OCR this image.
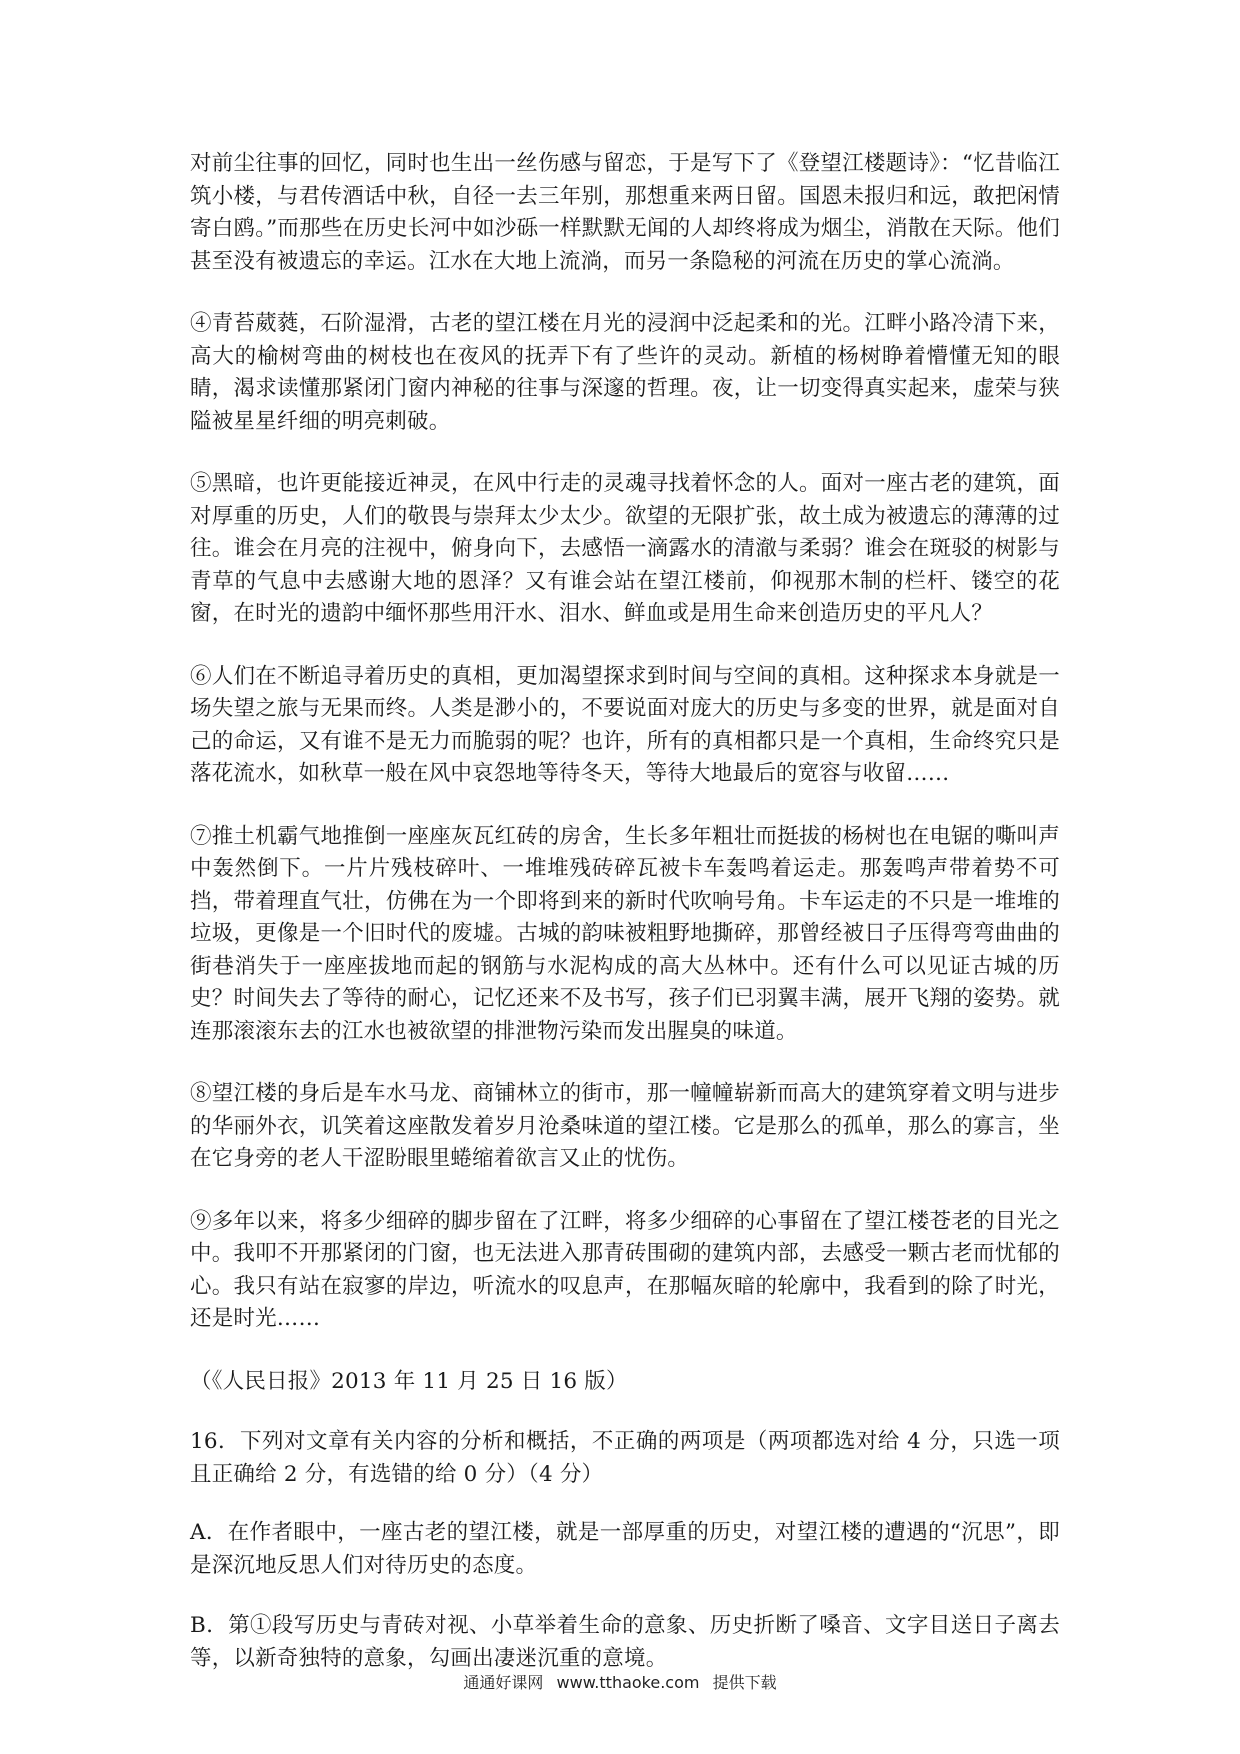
对前尘往事的回忆，同时也生出一丝伤感与留恋，于是写下了《登望江楼题诗》：“忆昔临江筑小楼，与君传酒话中秋，自径一去三年别，那想重来两日留。国恩未报归和远，敢把闲情寄白鸥。”而那些在历史长河中如沙砾一样默默无闻的人却终将成为烟尘，消散在天际。他们甚至没有被遗忘的幸运。江水在大地上流淌，而另一条隐秘的河流在历史的掌心流淌。

④青苔葳蕤，石阶湿滑，古老的望江楼在月光的浸润中泛起柔和的光。江畔小路冷清下来，高大的榆树弯曲的树枝也在夜风的抚弄下有了些许的灵动。新植的杨树睁着懵懂无知的眼睛，渴求读懂那紧闭门窗内神秘的往事与深邃的哲理。夜，让一切变得真实起来，虚荣与狭隘被星星纤细的明亮刺破。

⑤黑暗，也许更能接近神灵，在风中行走的灵魂寻找着怀念的人。面对一座古老的建筑，面对厚重的历史，人们的敬畏与崇拜太少太少。欲望的无限扩张，故土成为被遗忘的薄薄的过往。谁会在月亮的注视中，俯身向下，去感悟一滴露水的清澈与柔弱？谁会在斑驳的树影与青草的气息中去感谢大地的恩泽？又有谁会站在望江楼前，仰视那木制的栏杆、镂空的花窗，在时光的遗韵中缅怀那些用汗水、泪水、鲜血或是用生命来创造历史的平凡人？

⑥人们在不断追寻着历史的真相，更加渴望探求到时间与空间的真相。这种探求本身就是一场失望之旅与无果而终。人类是渺小的，不要说面对庞大的历史与多变的世界，就是面对自己的命运，又有谁不是无力而脆弱的呢？也许，所有的真相都只是一个真相，生命终究只是落花流水，如秋草一般在风中哀怨地等待冬天，等待大地最后的宽容与收留……

⑦推土机霸气地推倒一座座灰瓦红砖的房舍，生长多年粗壮而挺拔的杨树也在电锯的嘶叫声中轰然倒下。一片片残枝碎叶、一堆堆残砖碎瓦被卡车轰鸣着运走。那轰鸣声带着势不可挡，带着理直气壮，仿佛在为一个即将到来的新时代吹响号角。卡车运走的不只是一堆堆的垃圾，更像是一个旧时代的废墟。古城的韵味被粗野地撕碎，那曾经被日子压得弯弯曲曲的街巷消失于一座座拔地而起的钢筋与水泥构成的高大丛林中。还有什么可以见证古城的历史？时间失去了等待的耐心，记忆还来不及书写，孩子们已羽翼丰满，展开飞翔的姿势。就连那滚滚东去的江水也被欲望的排泄物污染而发出腥臭的味道。

⑧望江楼的身后是车水马龙、商铺林立的街市，那一幢幢崭新而高大的建筑穿着文明与进步的华丽外衣，讥笑着这座散发着岁月沧桑味道的望江楼。它是那么的孤单，那么的寡言，坐在它身旁的老人干涩盼眼里蜷缩着欲言又止的忧伤。

⑨多年以来，将多少细碎的脚步留在了江畔，将多少细碎的心事留在了望江楼苍老的目光之中。我叩不开那紧闭的门窗，也无法进入那青砖围砌的建筑内部，去感受一颗古老而忧郁的心。我只有站在寂寥的岸边，听流水的叹息声，在那幅灰暗的轮廓中，我看到的除了时光，还是时光……

（《人民日报》2013 年 11 月 25 日 16 版）

16．下列对文章有关内容的分析和概括，不正确的两项是（两项都选对给 4 分，只选一项且正确给 2 分，有选错的给 0 分）（4 分）

A．在作者眼中，一座古老的望江楼，就是一部厚重的历史，对望江楼的遭遇的“沉思”，即是深沉地反思人们对待历史的态度。

B．第①段写历史与青砖对视、小草举着生命的意象、历史折断了嗓音、文字目送日子离去等，以新奇独特的意象，勾画出凄迷沉重的意境。

通通好课网 www.tthaoke.com 提供下载
